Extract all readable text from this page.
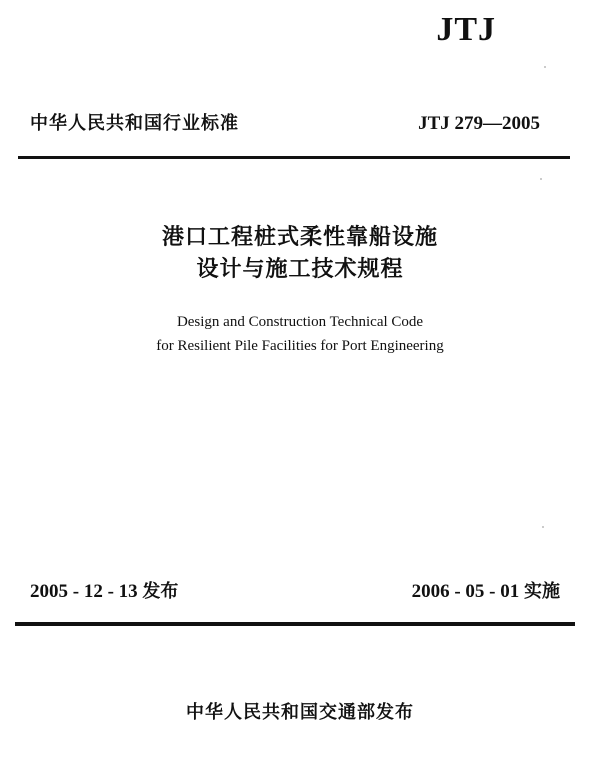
JTJ
中华人民共和国行业标准	JTJ 279—2005
港口工程桩式柔性靠船设施
设计与施工技术规程
Design and Construction Technical Code
for Resilient Pile Facilities for Port Engineering
2005 - 12 - 13 发布	2006 - 05 - 01 实施
中华人民共和国交通部发布
